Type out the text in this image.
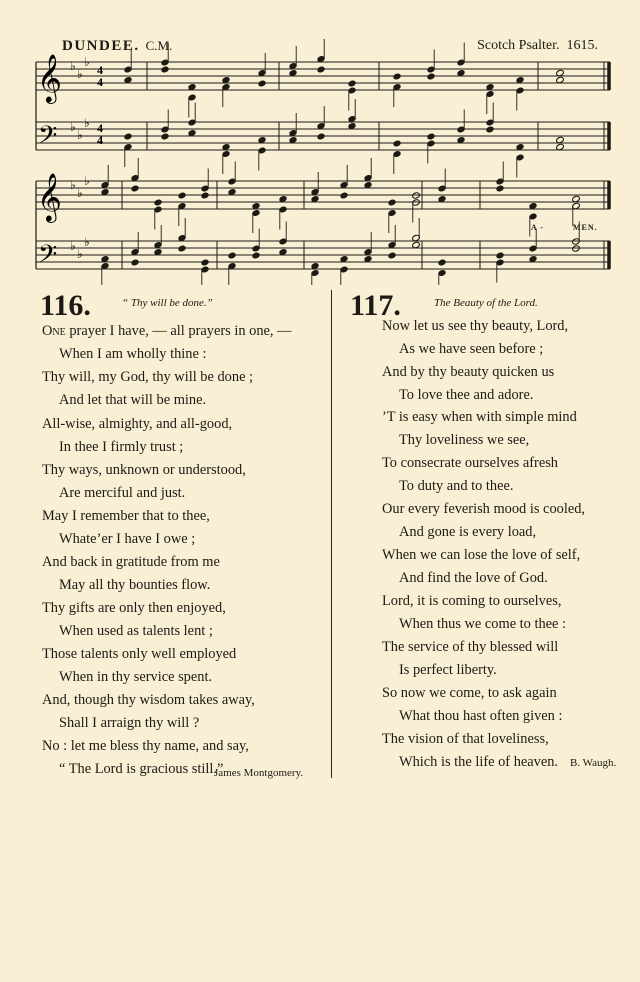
DUNDEE. C.M.	Scotch Psalter. 1615.
𝄞
𝄢
𝄞
𝄢
♭
♭
♭
♭
♭
♭
♭
♭
♭
♭
♭
♭
4
4
4
4
A -	MEN.
116.	“ Thy will be done.”
One prayer I have, — all prayers in one, —
When I am wholly thine :
Thy will, my God, thy will be done ;
And let that will be mine.
All-wise, almighty, and all-good,
In thee I firmly trust ;
Thy ways, unknown or understood,
Are merciful and just.
May I remember that to thee,
Whate’er I have I owe ;
And back in gratitude from me
May all thy bounties flow.
Thy gifts are only then enjoyed,
When used as talents lent ;
Those talents only well employed
When in thy service spent.
And, though thy wisdom takes away,
Shall I arraign thy will ?
No : let me bless thy name, and say,
“ The Lord is gracious still.”
James Montgomery.
117.	The Beauty of the Lord.
Now let us see thy beauty, Lord,
As we have seen before ;
And by thy beauty quicken us
To love thee and adore.
’T is easy when with simple mind
Thy loveliness we see,
To consecrate ourselves afresh
To duty and to thee.
Our every feverish mood is cooled,
And gone is every load,
When we can lose the love of self,
And find the love of God.
Lord, it is coming to ourselves,
When thus we come to thee :
The service of thy blessed will
Is perfect liberty.
So now we come, to ask again
What thou hast often given :
The vision of that loveliness,
Which is the life of heaven.	B. Waugh.
